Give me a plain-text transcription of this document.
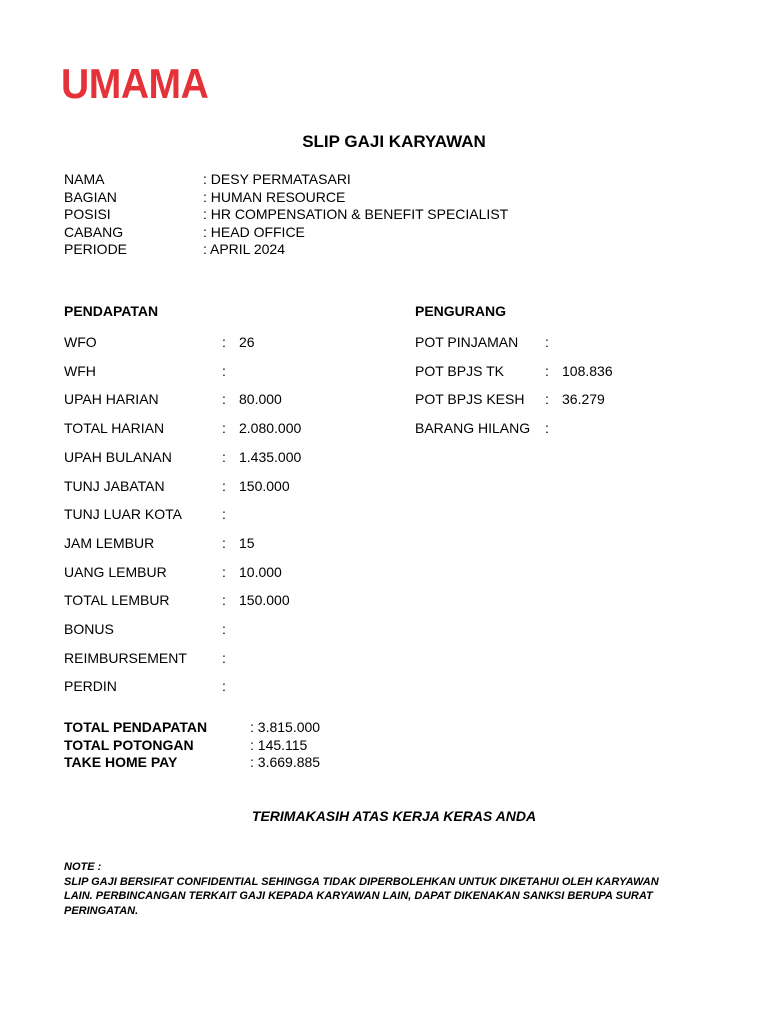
UMAMA
SLIP GAJI KARYAWAN
NAMA	: DESY PERMATASARI
BAGIAN	: HUMAN RESOURCE
POSISI	: HR COMPENSATION & BENEFIT SPECIALIST
CABANG	: HEAD OFFICE
PERIODE	: APRIL 2024
PENDAPATAN	PENGURANG
WFO	: 26
WFH	:
UPAH HARIAN	: 80.000
TOTAL HARIAN	: 2.080.000
UPAH BULANAN	: 1.435.000
TUNJ JABATAN	: 150.000
TUNJ LUAR KOTA	:
JAM LEMBUR	: 15
UANG LEMBUR	: 10.000
TOTAL LEMBUR	: 150.000
BONUS	:
REIMBURSEMENT	:
PERDIN	:
POT PINJAMAN :
POT BPJS TK	: 108.836
POT BPJS KESH : 36.279
BARANG HILANG :
TOTAL PENDAPATAN	: 3.815.000
TOTAL POTONGAN	: 145.115
TAKE HOME PAY	: 3.669.885
TERIMAKASIH ATAS KERJA KERAS ANDA

NOTE :

SLIP GAJI BERSIFAT CONFIDENTIAL SEHINGGA TIDAK DIPERBOLEHKAN UNTUK DIKETAHUI OLEH KARYAWAN

LAIN. PERBINCANGAN TERKAIT GAJI KEPADA KARYAWAN LAIN, DAPAT DIKENAKAN SANKSI BERUPA SURAT

PERINGATAN.
